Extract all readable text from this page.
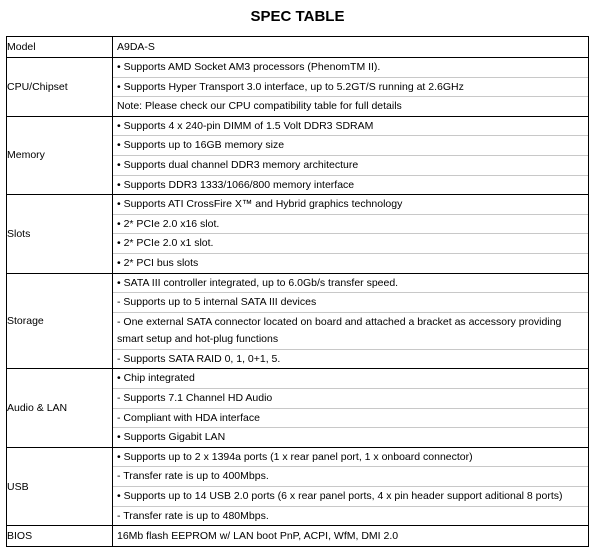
SPEC TABLE
Model	A9DA-S

CPU/Chipset	• Supports AMD Socket AM3 processors (PhenomTM II).
• Supports Hyper Transport 3.0 interface, up to 5.2GT/S running at 2.6GHz
Note: Please check our CPU compatibility table for full details

Memory	• Supports 4 x 240-pin DIMM of 1.5 Volt DDR3 SDRAM
• Supports up to 16GB memory size
• Supports dual channel DDR3 memory architecture
• Supports DDR3 1333/1066/800 memory interface

Slots	• Supports ATI CrossFire X™ and Hybrid graphics technology
• 2* PCIe 2.0 x16 slot.
• 2* PCIe 2.0 x1 slot.
• 2* PCI bus slots

Storage	• SATA III controller integrated, up to 6.0Gb/s transfer speed.
- Supports up to 5 internal SATA III devices
- One external SATA connector located on board and attached a bracket as accessory providing smart setup and hot-plug functions
- Supports SATA RAID 0, 1, 0+1, 5.

Audio & LAN	• Chip integrated
- Supports 7.1 Channel HD Audio
- Compliant with HDA interface
• Supports Gigabit LAN

USB	• Supports up to 2 x 1394a ports (1 x rear panel port, 1 x onboard connector)
- Transfer rate is up to 400Mbps.
• Supports up to 14 USB 2.0 ports (6 x rear panel ports, 4 x pin header support aditional 8 ports)
- Transfer rate is up to 480Mbps.

BIOS	16Mb flash EEPROM w/ LAN boot PnP, ACPI, WfM, DMI 2.0
